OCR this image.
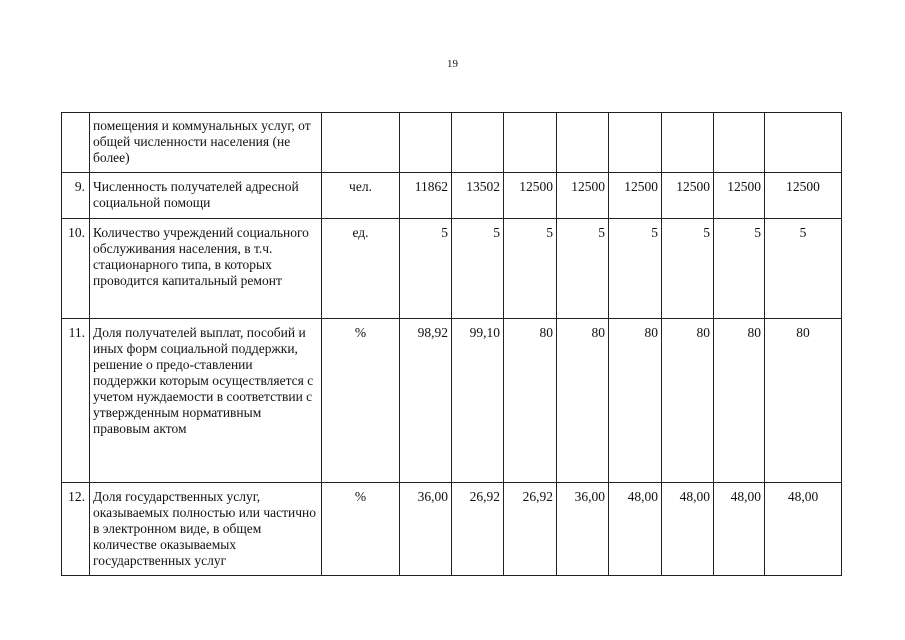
19
	помещения и коммунальных услуг, от общей численности населения (не более)									
9.	Численность получателей адресной социальной помощи	чел.	11862	13502	12500	12500	12500	12500	12500	12500
10.	Количество учреждений социального обслуживания населения, в т.ч. стационарного типа, в которых проводится капитальный ремонт	ед.	5	5	5	5	5	5	5	5
11.	Доля получателей выплат, пособий и иных форм социальной поддержки, решение о предо-ставлении поддержки которым осуществляется с учетом нуждаемости в соответствии с утвержденным нормативным правовым актом	%	98,92	99,10	80	80	80	80	80	80
12.	Доля государственных услуг, оказываемых полностью или частично в электронном виде, в общем количестве оказываемых государственных услуг	%	36,00	26,92	26,92	36,00	48,00	48,00	48,00	48,00
